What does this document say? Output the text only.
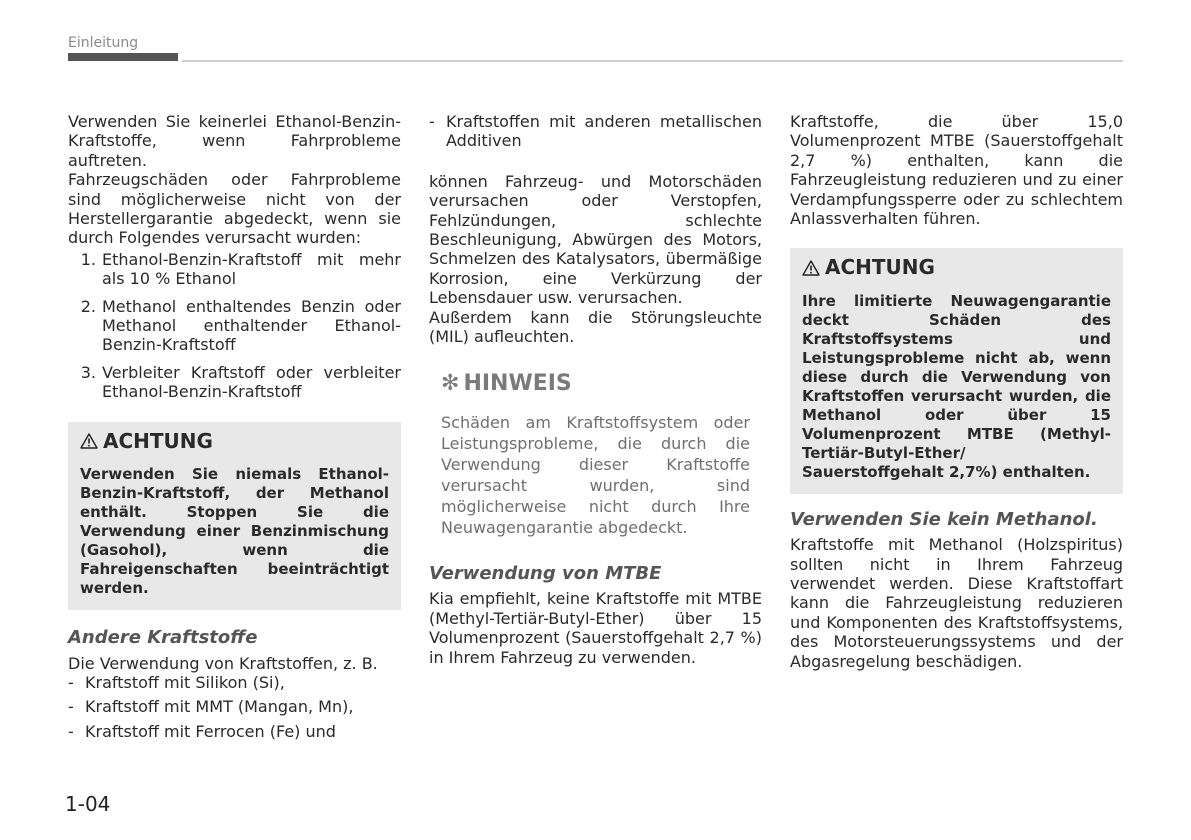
Einleitung

Verwenden Sie keinerlei Ethanol-Benzin-Kraftstoffe, wenn Fahrprobleme auftreten.

Fahrzeugschäden oder Fahrprobleme sind möglicherweise nicht von der Herstellergarantie abgedeckt, wenn sie durch Folgendes verursacht wurden:

1. Ethanol-Benzin-Kraftstoff mit mehr als 10 % Ethanol
2. Methanol enthaltendes Benzin oder Methanol enthaltender Ethanol-Benzin-Kraftstoff
3. Verbleiter Kraftstoff oder verbleiter Ethanol-Benzin-Kraftstoff
ACHTUNG
Verwenden Sie niemals Ethanol-Benzin-Kraftstoff, der Methanol enthält. Stoppen Sie die Verwendung einer Benzinmischung (Gasohol), wenn die Fahreigenschaften beeinträchtigt werden.
Andere Kraftstoffe

Die Verwendung von Kraftstoffen, z. B.

- Kraftstoff mit Silikon (Si),
- Kraftstoff mit MMT (Mangan, Mn),
- Kraftstoff mit Ferrocen (Fe) und
- Kraftstoffen mit anderen metallischen Additiven

können Fahrzeug- und Motorschäden verursachen oder Verstopfen, Fehlzündungen, schlechte Beschleunigung, Abwürgen des Motors, Schmelzen des Katalysators, übermäßige Korrosion, eine Verkürzung der Lebensdauer usw. verursachen.

Außerdem kann die Störungsleuchte (MIL) aufleuchten.

✻ HINWEIS
Schäden am Kraftstoffsystem oder Leistungsprobleme, die durch die Verwendung dieser Kraftstoffe verursacht wurden, sind möglicherweise nicht durch Ihre Neuwagengarantie abgedeckt.
Verwendung von MTBE

Kia empfiehlt, keine Kraftstoffe mit MTBE (Methyl-Tertiär-Butyl-Ether) über 15 Volumenprozent (Sauerstoffgehalt 2,7 %) in Ihrem Fahrzeug zu verwenden.

Kraftstoffe, die über 15,0 Volumenprozent MTBE (Sauerstoffgehalt 2,7 %) enthalten, kann die Fahrzeugleistung reduzieren und zu einer Verdampfungssperre oder zu schlechtem Anlassverhalten führen.

ACHTUNG
Ihre limitierte Neuwagengarantie deckt Schäden des Kraftstoffsystems und Leistungsprobleme nicht ab, wenn diese durch die Verwendung von Kraftstoffen verursacht wurden, die Methanol oder über 15 Volumenprozent MTBE (Methyl-Tertiär-Butyl-Ether/ Sauerstoffgehalt 2,7%) enthalten.
Verwenden Sie kein Methanol.

Kraftstoffe mit Methanol (Holzspiritus) sollten nicht in Ihrem Fahrzeug verwendet werden. Diese Kraftstoffart kann die Fahrzeugleistung reduzieren und Komponenten des Kraftstoffsystems, des Motorsteuerungssystems und der Abgasregelung beschädigen.

1-04
